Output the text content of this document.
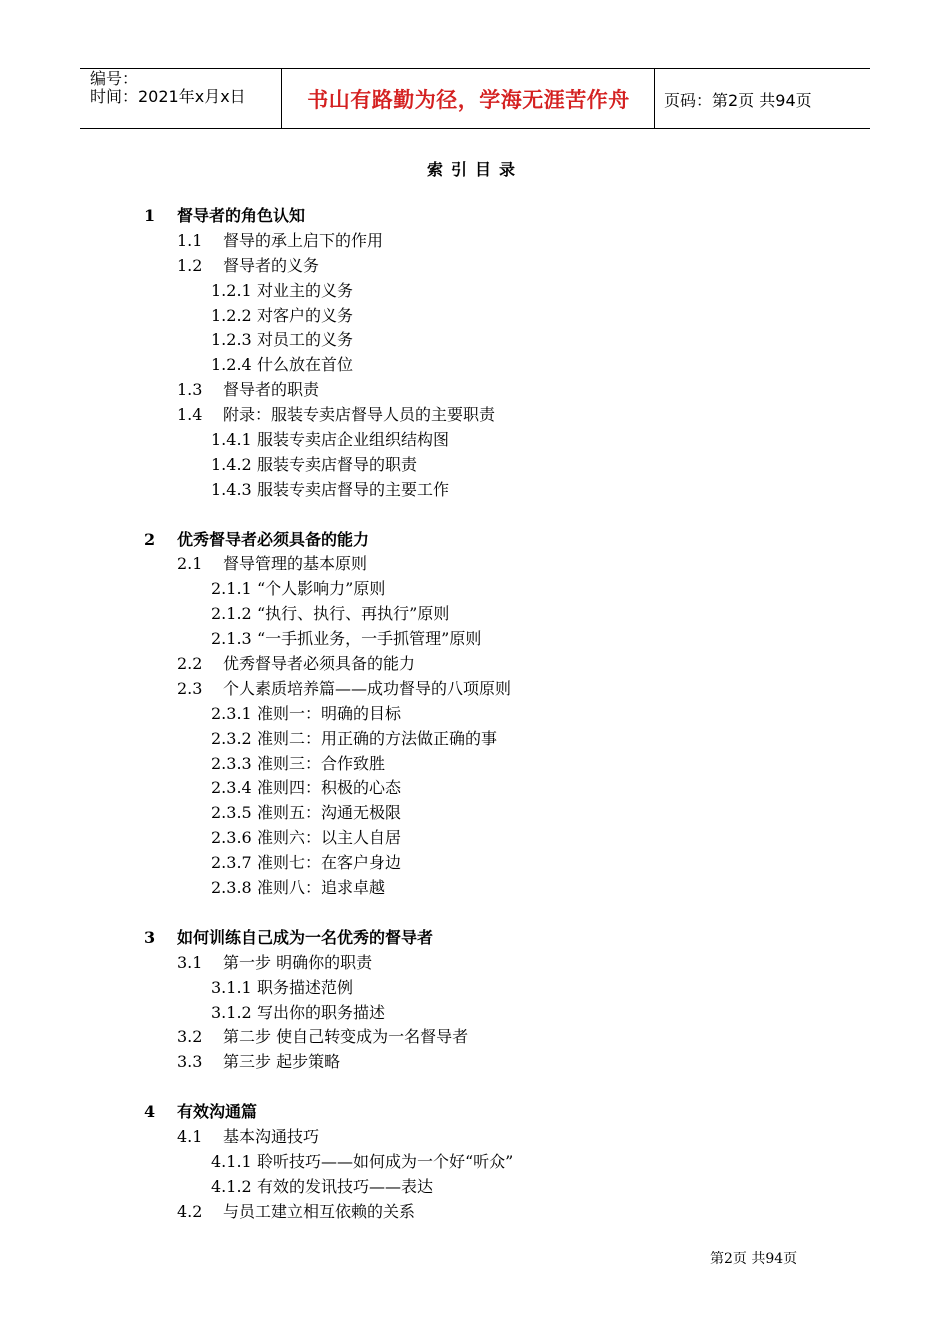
编号：
时间：2021年x月x日	书山有路勤为径，学海无涯苦作舟	页码：第2页 共94页
索引目录
1 督导者的角色认知
1.1 督导的承上启下的作用
1.2 督导者的义务
1.2.1 对业主的义务
1.2.2 对客户的义务
1.2.3 对员工的义务
1.2.4 什么放在首位
1.3 督导者的职责
1.4 附录：服装专卖店督导人员的主要职责
1.4.1 服装专卖店企业组织结构图
1.4.2 服装专卖店督导的职责
1.4.3 服装专卖店督导的主要工作
2 优秀督导者必须具备的能力
2.1 督导管理的基本原则
2.1.1 “个人影响力”原则
2.1.2 “执行、执行、再执行”原则
2.1.3 “一手抓业务，一手抓管理”原则
2.2 优秀督导者必须具备的能力
2.3 个人素质培养篇——成功督导的八项原则
2.3.1 准则一：明确的目标
2.3.2 准则二：用正确的方法做正确的事
2.3.3 准则三：合作致胜
2.3.4 准则四：积极的心态
2.3.5 准则五：沟通无极限
2.3.6 准则六：以主人自居
2.3.7 准则七：在客户身边
2.3.8 准则八：追求卓越
3 如何训练自己成为一名优秀的督导者
3.1 第一步 明确你的职责
3.1.1 职务描述范例
3.1.2 写出你的职务描述
3.2 第二步 使自己转变成为一名督导者
3.3 第三步 起步策略
4 有效沟通篇
4.1 基本沟通技巧
4.1.1 聆听技巧——如何成为一个好“听众”
4.1.2 有效的发讯技巧——表达
4.2 与员工建立相互依赖的关系
第2页 共94页
